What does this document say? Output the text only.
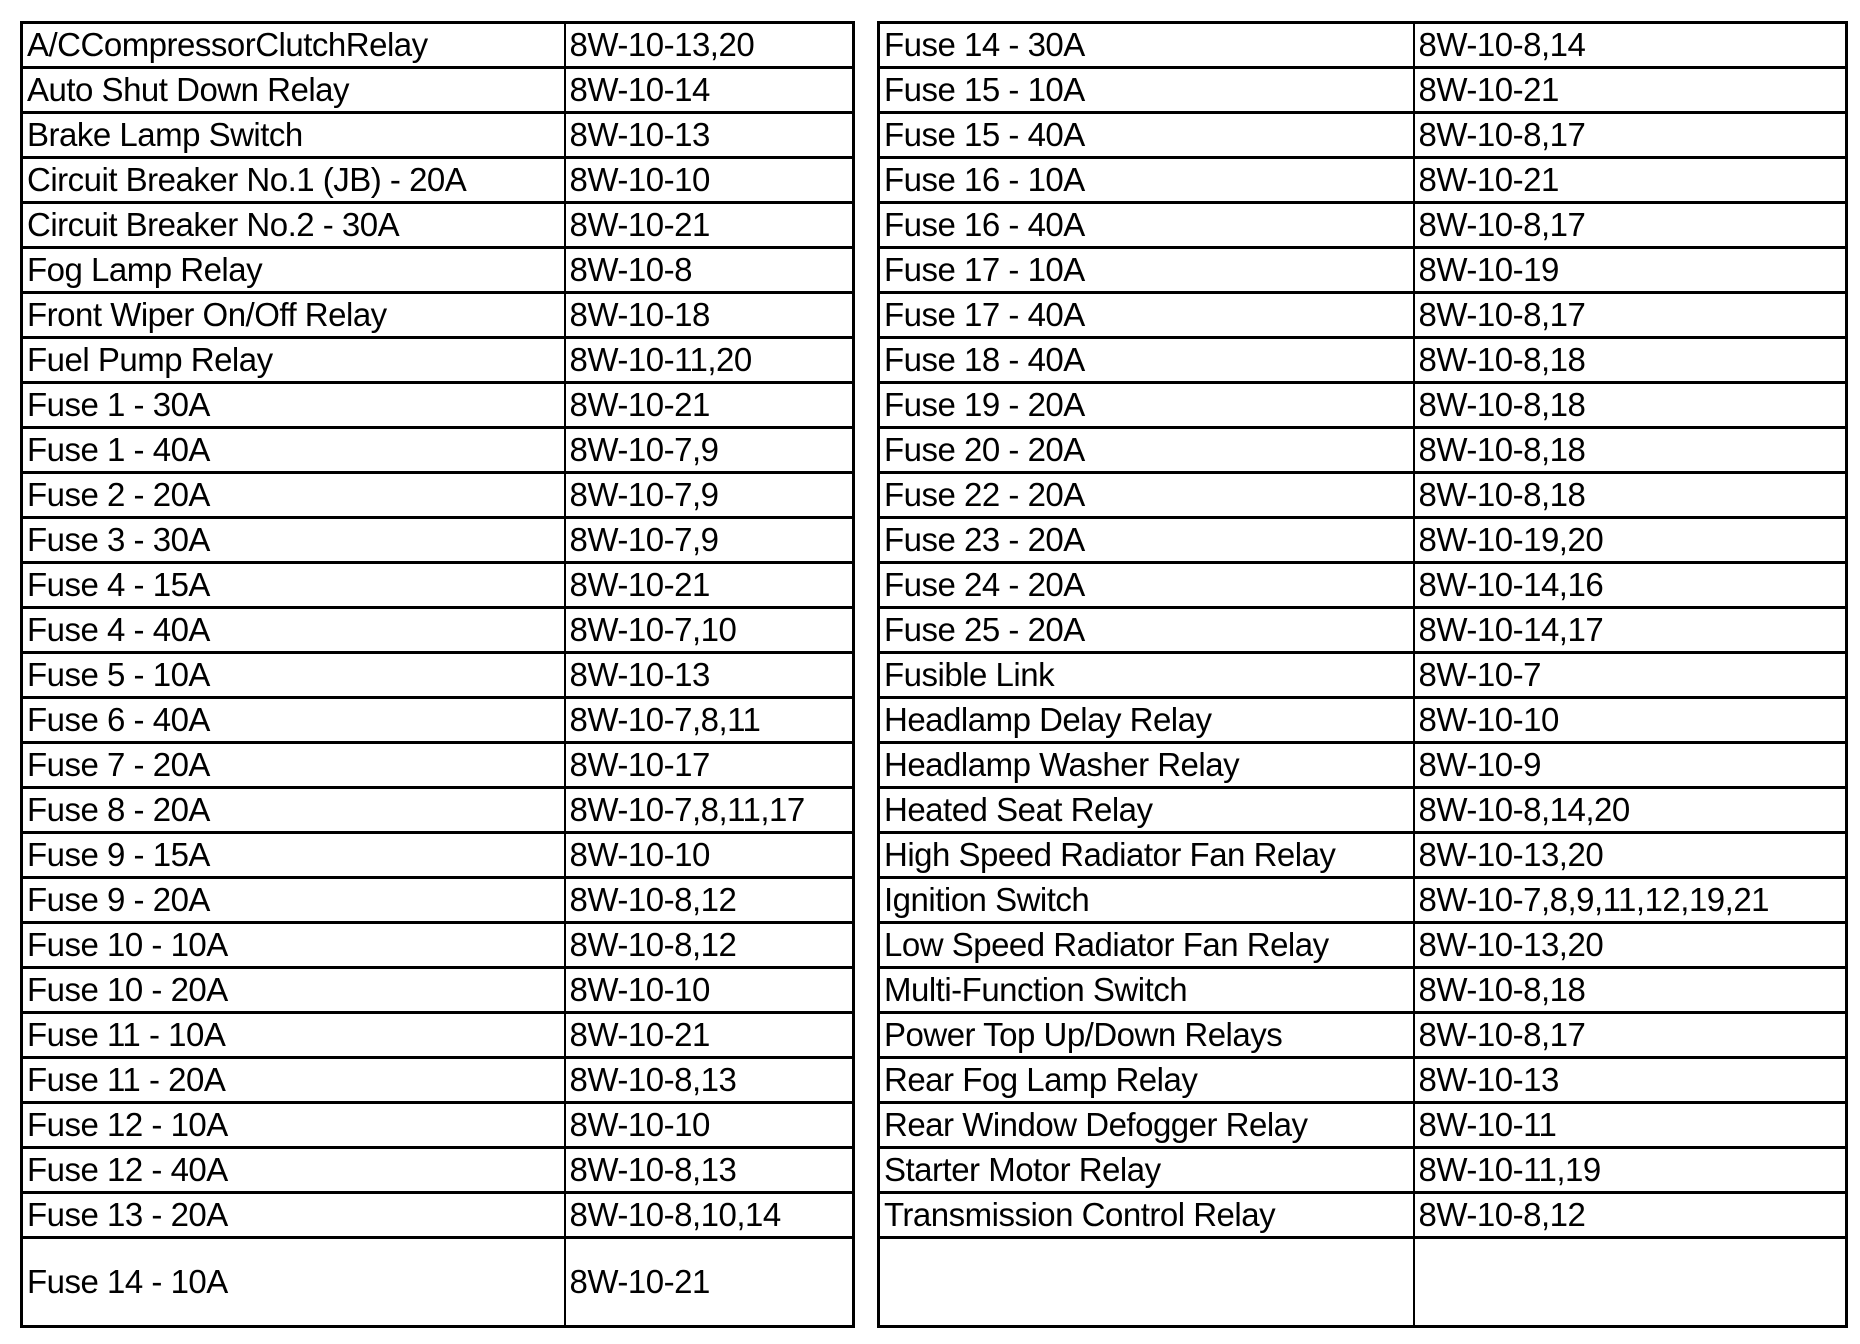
A/CCompressorClutchRelay	8W-10-13,20
Auto Shut Down Relay	8W-10-14
Brake Lamp Switch	8W-10-13
Circuit Breaker No.1 (JB) - 20A	8W-10-10
Circuit Breaker No.2 - 30A	8W-10-21
Fog Lamp Relay	8W-10-8
Front Wiper On/Off Relay	8W-10-18
Fuel Pump Relay	8W-10-11,20
Fuse 1 - 30A	8W-10-21
Fuse 1 - 40A	8W-10-7,9
Fuse 2 - 20A	8W-10-7,9
Fuse 3 - 30A	8W-10-7,9
Fuse 4 - 15A	8W-10-21
Fuse 4 - 40A	8W-10-7,10
Fuse 5 - 10A	8W-10-13
Fuse 6 - 40A	8W-10-7,8,11
Fuse 7 - 20A	8W-10-17
Fuse 8 - 20A	8W-10-7,8,11,17
Fuse 9 - 15A	8W-10-10
Fuse 9 - 20A	8W-10-8,12
Fuse 10 - 10A	8W-10-8,12
Fuse 10 - 20A	8W-10-10
Fuse 11 - 10A	8W-10-21
Fuse 11 - 20A	8W-10-8,13
Fuse 12 - 10A	8W-10-10
Fuse 12 - 40A	8W-10-8,13
Fuse 13 - 20A	8W-10-8,10,14
Fuse 14 - 10A	8W-10-21
Fuse 14 - 30A	8W-10-8,14
Fuse 15 - 10A	8W-10-21
Fuse 15 - 40A	8W-10-8,17
Fuse 16 - 10A	8W-10-21
Fuse 16 - 40A	8W-10-8,17
Fuse 17 - 10A	8W-10-19
Fuse 17 - 40A	8W-10-8,17
Fuse 18 - 40A	8W-10-8,18
Fuse 19 - 20A	8W-10-8,18
Fuse 20 - 20A	8W-10-8,18
Fuse 22 - 20A	8W-10-8,18
Fuse 23 - 20A	8W-10-19,20
Fuse 24 - 20A	8W-10-14,16
Fuse 25 - 20A	8W-10-14,17
Fusible Link	8W-10-7
Headlamp Delay Relay	8W-10-10
Headlamp Washer Relay	8W-10-9
Heated Seat Relay	8W-10-8,14,20
High Speed Radiator Fan Relay	8W-10-13,20
Ignition Switch	8W-10-7,8,9,11,12,19,21
Low Speed Radiator Fan Relay	8W-10-13,20
Multi-Function Switch	8W-10-8,18
Power Top Up/Down Relays	8W-10-8,17
Rear Fog Lamp Relay	8W-10-13
Rear Window Defogger Relay	8W-10-11
Starter Motor Relay	8W-10-11,19
Transmission Control Relay	8W-10-8,12
